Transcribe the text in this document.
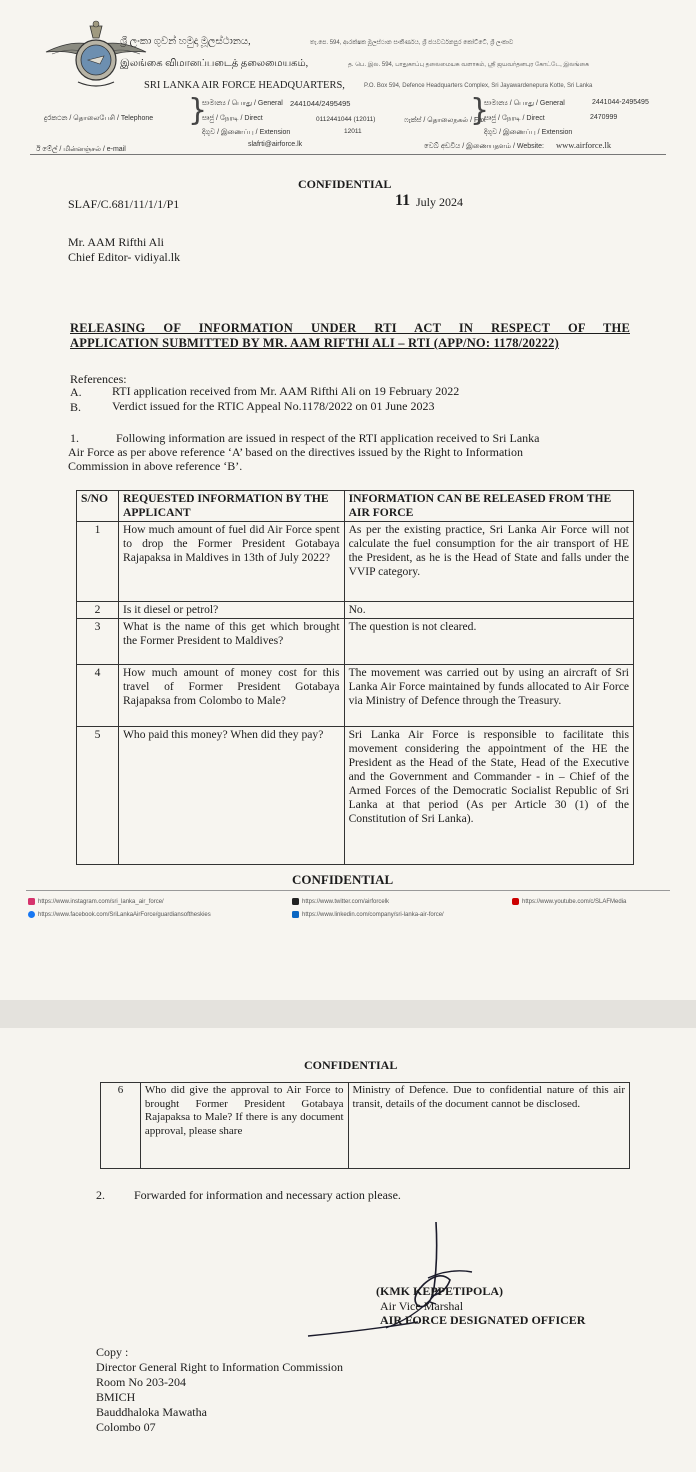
ශ්‍රී ලංකා ගුවන් හමුදා මූලස්ථානය,	තැ.පෙ. 594, ආරක්ෂක මූලස්ථාන සංකීර්ණය, ශ්‍රී ජයවර්ධනපුර කෝට්ටේ, ශ්‍රී ලංකාව
இலங்கை விமானப்படைத் தலைமையகம்,	த. பெ. இல. 594, பாதுகாப்பு தலைமையக வளாகம், ஸ்ரீ ஜயவர்தனபுர கோட்டே, இலங்கை
SRI LANKA AIR FORCE HEADQUARTERS,	P.O. Box 594, Defence Headquarters Complex, Sri Jayawardenepura Kotte, Sri Lanka
දුරකථන / தொலைபேசி / Telephone }
සාමාන්‍ය / பொது / General 2441044/2495495
සෘජු / நேரடி / Direct	0112441044 (12011)
දිගුව / இணைப்பு / Extension	12011
ෆැක්ස් / தொலைநகல் / Fax
}
සාමාන්‍ය / பொது / General	2441044-2495495
සෘජු / நேரடி / Direct	2470999
දිගුව / இணைப்பு / Extension
ඊ මේල් / மின்னஞ்சல் / e-mail
slafrti@airforce.lk	වෙබ් අඩවිය / இணையதளம் / Website: www.airforce.lk
CONFIDENTIAL
SLAF/C.681/11/1/1/P1	11 July 2024
Mr. AAM Rifthi Ali
Chief Editor- vidiyal.lk
RELEASING OF INFORMATION UNDER RTI ACT IN RESPECT OF THE
APPLICATION SUBMITTED BY MR. AAM RIFTHI ALI – RTI (APP/NO: 1178/20222)
References:
A.	RTI application received from Mr. AAM Rifthi Ali on 19 February 2022
B.	Verdict issued for the RTIC Appeal No.1178/2022 on 01 June 2023
1.	Following information are issued in respect of the RTI application received to Sri Lanka
Air Force as per above reference ‘A’ based on the directives issued by the Right to Information
Commission in above reference ‘B’.
S/NO	REQUESTED INFORMATION BY THE APPLICANT	INFORMATION CAN BE RELEASED FROM THE AIR FORCE
1	How much amount of fuel did Air Force spent to drop the Former President Gotabaya Rajapaksa in Maldives in 13th of July 2022?	As per the existing practice, Sri Lanka Air Force will not calculate the fuel consumption for the air transport of HE the President, as he is the Head of State and falls under the VVIP category.
2	Is it diesel or petrol?	No.
3	What is the name of this get which brought the Former President to Maldives?	The question is not cleared.
4	How much amount of money cost for this travel of Former President Gotabaya Rajapaksa from Colombo to Male?	The movement was carried out by using an aircraft of Sri Lanka Air Force maintained by funds allocated to Air Force via Ministry of Defence through the Treasury.
5	Who paid this money? When did they pay?	Sri Lanka Air Force is responsible to facilitate this movement considering the appointment of the HE the President as the Head of the State, Head of the Executive and the Government and Commander - in – Chief of the Armed Forces of the Democratic Socialist Republic of Sri Lanka at that period (As per Article 30 (1) of the Constitution of Sri Lanka).
CONFIDENTIAL
https://www.instagram.com/sri_lanka_air_force/
https://www.facebook.com/SriLankaAirForce/guardiansoftheskies
https://www.twitter.com/airforcelk
https://www.linkedin.com/company/sri-lanka-air-force/
https://www.youtube.com/c/SLAFMedia
CONFIDENTIAL
6	Who did give the approval to Air Force to brought Former President Gotabaya Rajapaksa to Male? If there is any document approval, please share	Ministry of Defence. Due to confidential nature of this air transit, details of the document cannot be disclosed.
2. Forwarded for information and necessary action please.
(KMK KEPPETIPOLA)
Air Vice Marshal
AIR FORCE DESIGNATED OFFICER
Copy :
Director General Right to Information Commission
Room No 203-204
BMICH
Bauddhaloka Mawatha
Colombo 07
